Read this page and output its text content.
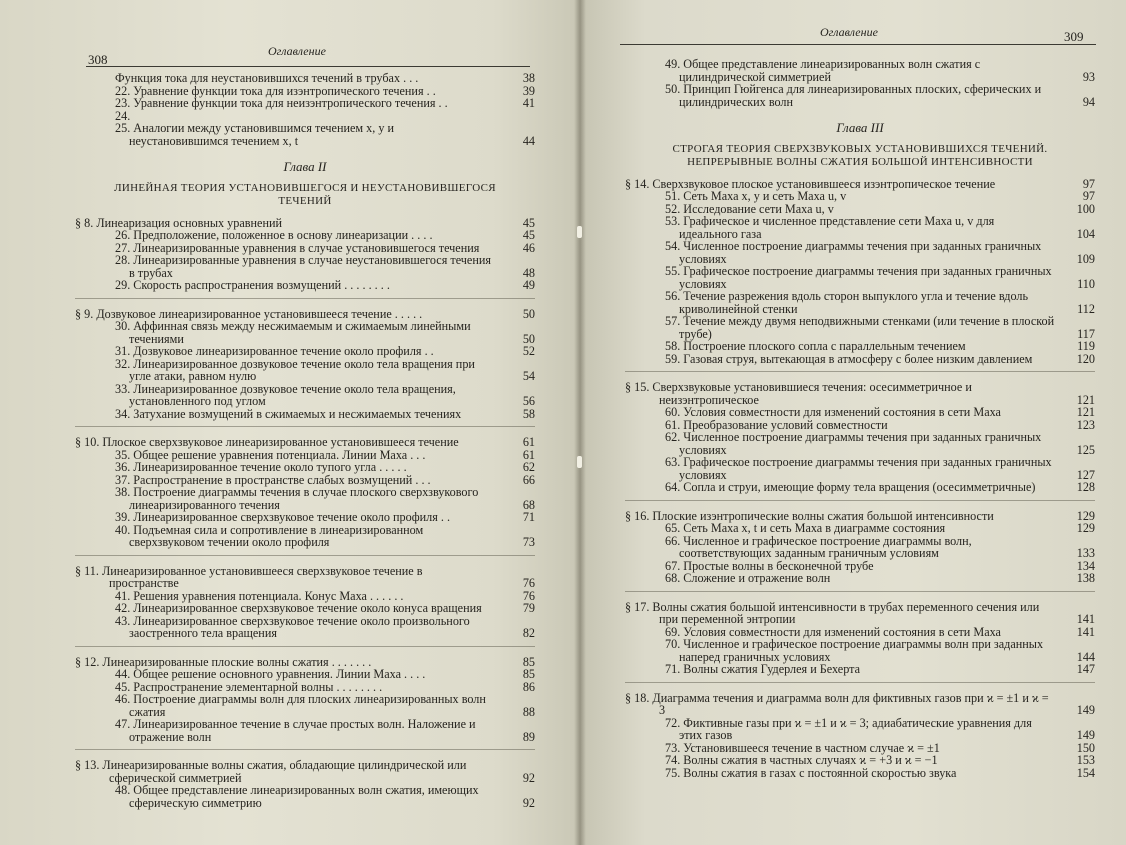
308
Оглавление
Функция тока для неустановившихся течений в трубах . . .	38
22. Уравнение функции тока для изэнтропического течения . .	39
23. Уравнение функции тока для неизэнтропического течения . .	41
24.
25. Аналогии между установившимся течением x, y и неустановившимся течением x, t	44
Глава II
ЛИНЕЙНАЯ ТЕОРИЯ УСТАНОВИВШЕГОСЯ И НЕУСТАНОВИВШЕГОСЯ ТЕЧЕНИЙ
§ 8. Линеаризация основных уравнений	45
26. Предположение, положенное в основу линеаризации . . . .	45
27. Линеаризированные уравнения в случае установившегося течения	46
28. Линеаризированные уравнения в случае неустановившегося течения в трубах	48
29. Скорость распространения возмущений . . . . . . . .	49
§ 9. Дозвуковое линеаризированное установившееся течение . . . . .	50
30. Аффинная связь между несжимаемым и сжимаемым линейными течениями	50
31. Дозвуковое линеаризированное течение около профиля . .	52
32. Линеаризированное дозвуковое течение около тела вращения при угле атаки, равном нулю	54
33. Линеаризированное дозвуковое течение около тела вращения, установленного под углом	56
34. Затухание возмущений в сжимаемых и несжимаемых течениях	58
§ 10. Плоское сверхзвуковое линеаризированное установившееся течение	61
35. Общее решение уравнения потенциала. Линии Маха . . .	61
36. Линеаризированное течение около тупого угла . . . . .	62
37. Распространение в пространстве слабых возмущений . . .	66
38. Построение диаграммы течения в случае плоского сверхзвукового линеаризированного течения	68
39. Линеаризированное сверхзвуковое течение около профиля . .	71
40. Подъемная сила и сопротивление в линеаризированном сверхзвуковом течении около профиля	73
§ 11. Линеаризированное установившееся сверхзвуковое течение в пространстве	76
41. Решения уравнения потенциала. Конус Маха . . . . . .	76
42. Линеаризированное сверхзвуковое течение около конуса вращения	79
43. Линеаризированное сверхзвуковое течение около произвольного заостренного тела вращения	82
§ 12. Линеаризированные плоские волны сжатия . . . . . . .	85
44. Общее решение основного уравнения. Линии Маха . . . .	85
45. Распространение элементарной волны . . . . . . . .	86
46. Построение диаграммы волн для плоских линеаризированных волн сжатия	88
47. Линеаризированное течение в случае простых волн. Наложение и отражение волн	89
§ 13. Линеаризированные волны сжатия, обладающие цилиндрической или сферической симметрией	92
48. Общее представление линеаризированных волн сжатия, имеющих сферическую симметрию	92
Оглавление	309
49. Общее представление линеаризированных волн сжатия с цилиндрической симметрией	93
50. Принцип Гюйгенса для линеаризированных плоских, сферических и цилиндрических волн	94
Глава III
СТРОГАЯ ТЕОРИЯ СВЕРХЗВУКОВЫХ УСТАНОВИВШИХСЯ ТЕЧЕНИЙ. НЕПРЕРЫВНЫЕ ВОЛНЫ СЖАТИЯ БОЛЬШОЙ ИНТЕНСИВНОСТИ
§ 14. Сверхзвуковое плоское установившееся изэнтропическое течение	97
51. Сеть Маха x, y и сеть Маха u, v	97
52. Исследование сети Маха u, v	100
53. Графическое и численное представление сети Маха u, v для идеального газа	104
54. Численное построение диаграммы течения при заданных граничных условиях	109
55. Графическое построение диаграммы течения при заданных граничных условиях	110
56. Течение разрежения вдоль сторон выпуклого угла и течение вдоль криволинейной стенки	112
57. Течение между двумя неподвижными стенками (или течение в плоской трубе)	117
58. Построение плоского сопла с параллельным течением	119
59. Газовая струя, вытекающая в атмосферу с более низким давлением	120
§ 15. Сверхзвуковые установившиеся течения: осесимметричное и неизэнтропическое	121
60. Условия совместности для изменений состояния в сети Маха	121
61. Преобразование условий совместности	123
62. Численное построение диаграммы течения при заданных граничных условиях	125
63. Графическое построение диаграммы течения при заданных граничных условиях	127
64. Сопла и струи, имеющие форму тела вращения (осесимметричные)	128
§ 16. Плоские изэнтропические волны сжатия большой интенсивности	129
65. Сеть Маха x, t и сеть Маха в диаграмме состояния	129
66. Численное и графическое построение диаграммы волн, соответствующих заданным граничным условиям	133
67. Простые волны в бесконечной трубе	134
68. Сложение и отражение волн	138
§ 17. Волны сжатия большой интенсивности в трубах переменного сечения или при переменной энтропии	141
69. Условия совместности для изменений состояния в сети Маха	141
70. Численное и графическое построение диаграммы волн при заданных наперед граничных условиях	144
71. Волны сжатия Гудерлея и Бехерта	147
§ 18. Диаграмма течения и диаграмма волн для фиктивных газов при ϰ = ±1 и ϰ = 3	149
72. Фиктивные газы при ϰ = ±1 и ϰ = 3; адиабатические уравнения для этих газов	149
73. Установившееся течение в частном случае ϰ = ±1	150
74. Волны сжатия в частных случаях ϰ = +3 и ϰ = −1	153
75. Волны сжатия в газах с постоянной скоростью звука	154
